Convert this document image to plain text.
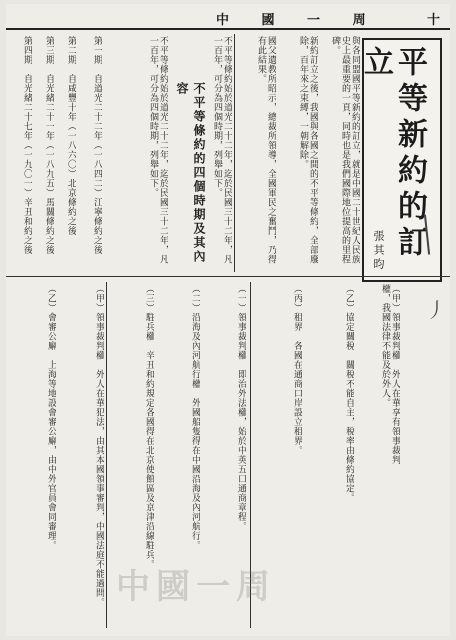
十
中 國 一 周
平等新約的訂立
張其昀
與各同盟國平等新約的訂立，就是中國二十世紀人民族史上最重要的一頁，同時也是我們國際地位提高的里程碑。
新約訂立之後，我國與各國之間的不平等條約，全部廢除，百年來之束縛，一朝解除。
國父遺教所昭示，總裁所領導，全國軍民之奮鬥，乃得有此結果。
不平等條約始於道光二十二年，迄於民國三十二年，凡一百年，可分為四個時期，列舉如下。
不平等條約的四個時期及其內容
不平等條約始於道光二十二年，迄於民國三十二年，凡一百年，可分為四個時期，列舉如下。
第一期　自道光二十二年（一八四二）江寧條約之後
第二期　自咸豐十年（一八六〇）北京條約之後
第三期　自光緒二十一年（一八九五）馬關條約之後
第四期　自光緒二十七年（一九〇一）辛丑和約之後
（甲）領事裁判權　外人在華享有領事裁判權，我國法律不能及於外人。
（乙）協定關稅　關稅不能自主，稅率由條約協定。
（丙）租界　各國在通商口岸設立租界。
（一）領事裁判權　即治外法權，始於中英五口通商章程。
（二）沿海及內河航行權　外國船隻得在中國沿海及內河航行。
（三）駐兵權　辛丑和約規定各國得在北京使館區及京津沿線駐兵。
（甲）領事裁判權　外人在華犯法，由其本國領事審判，中國法庭不能過問。
（乙）會審公廨　上海等地設會審公廨，由中外官員會同審理。	丿
中國一周
